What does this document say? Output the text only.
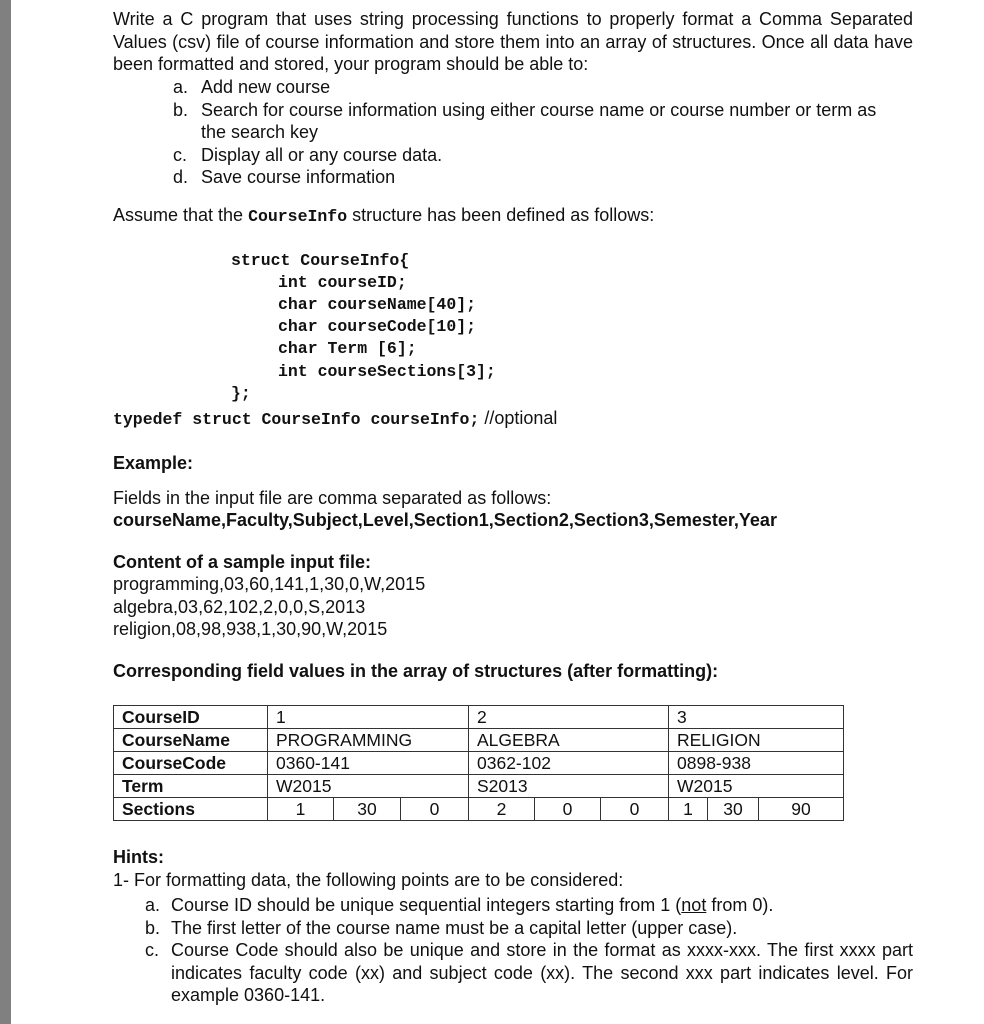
Write a C program that uses string processing functions to properly format a Comma Separated Values (csv) file of course information and store them into an array of structures. Once all data have been formatted and stored, your program should be able to:

a. Add new course
b. Search for course information using either course name or course number or term as the search key
c. Display all or any course data.
d. Save course information

Assume that the CourseInfo structure has been defined as follows:

struct CourseInfo{
int courseID;
char courseName[40];
char courseCode[10];
char Term [6];
int courseSections[3];
};
typedef struct CourseInfo courseInfo; //optional

Example:

Fields in the input file are comma separated as follows:

courseName,Faculty,Subject,Level,Section1,Section2,Section3,Semester,Year

Content of a sample input file:

programming,03,60,141,1,30,0,W,2015

algebra,03,62,102,2,0,0,S,2013

religion,08,98,938,1,30,90,W,2015

Corresponding field values in the array of structures (after formatting):

CourseID	1			2			3		
CourseName	PROGRAMMING			ALGEBRA			RELIGION		
CourseCode	0360-141			0362-102			0898-938		
Term	W2015			S2013			W2015		
Sections	1	30	0	2	0	0	1	30	90

Hints:

1- For formatting data, the following points are to be considered:

a. Course ID should be unique sequential integers starting from 1 (not from 0).
b. The first letter of the course name must be a capital letter (upper case).
c. Course Code should also be unique and store in the format as xxxx-xxx. The first xxxx part indicates faculty code (xx) and subject code (xx). The second xxx part indicates level. For example 0360-141.
